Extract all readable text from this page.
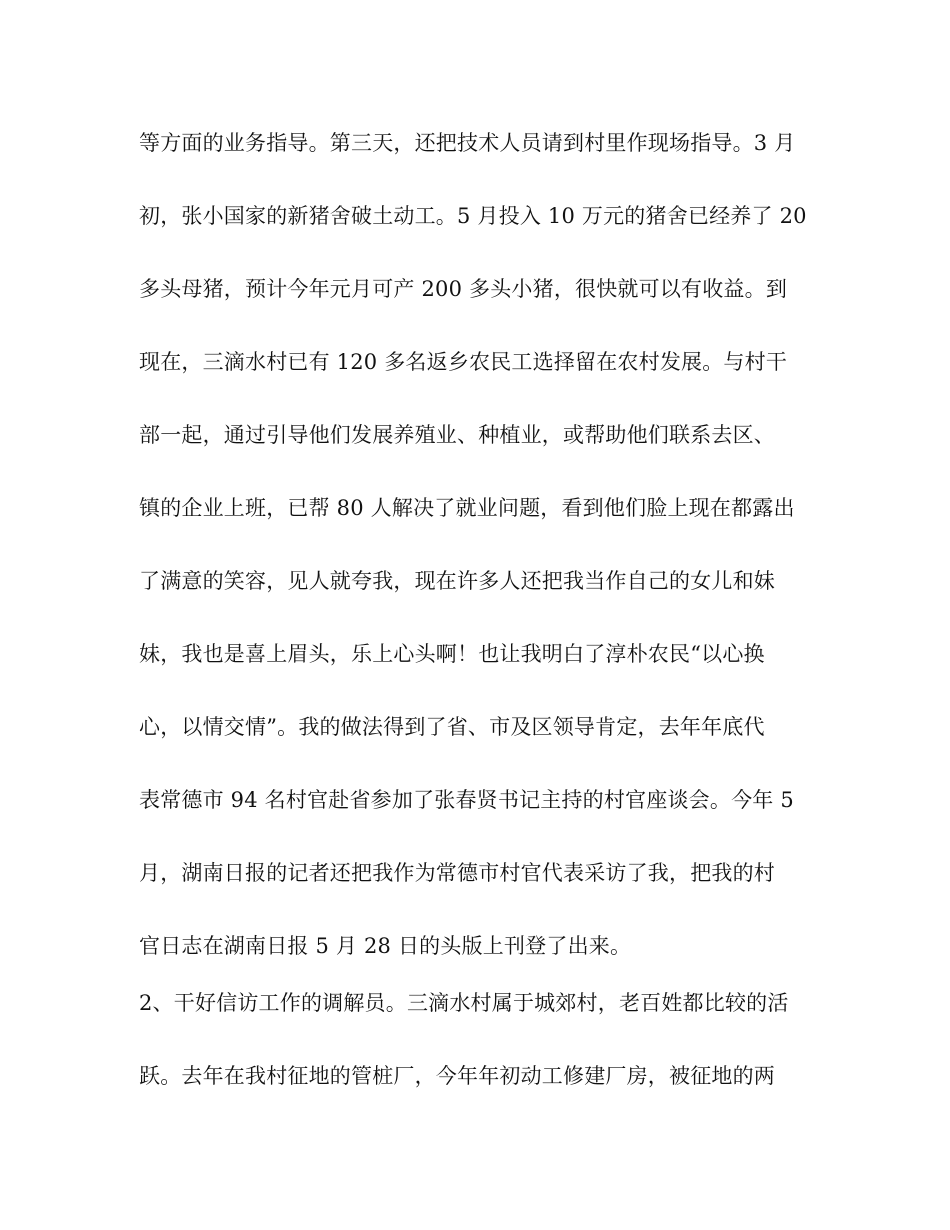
等方面的业务指导。第三天，还把技术人员请到村里作现场指导。3 月
初，张小国家的新猪舍破土动工。5 月投入 10 万元的猪舍已经养了 20
多头母猪，预计今年元月可产 200 多头小猪，很快就可以有收益。到
现在，三滴水村已有 120 多名返乡农民工选择留在农村发展。与村干
部一起，通过引导他们发展养殖业、种植业，或帮助他们联系去区、
镇的企业上班，已帮 80 人解决了就业问题，看到他们脸上现在都露出
了满意的笑容，见人就夸我，现在许多人还把我当作自己的女儿和妹
妹，我也是喜上眉头，乐上心头啊！也让我明白了淳朴农民“以心换
心，以情交情”。我的做法得到了省、市及区领导肯定，去年年底代
表常德市 94 名村官赴省参加了张春贤书记主持的村官座谈会。今年 5
月，湖南日报的记者还把我作为常德市村官代表采访了我，把我的村
官日志在湖南日报 5 月 28 日的头版上刊登了出来。
2、干好信访工作的调解员。三滴水村属于城郊村，老百姓都比较的活
跃。去年在我村征地的管桩厂，今年年初动工修建厂房，被征地的两
